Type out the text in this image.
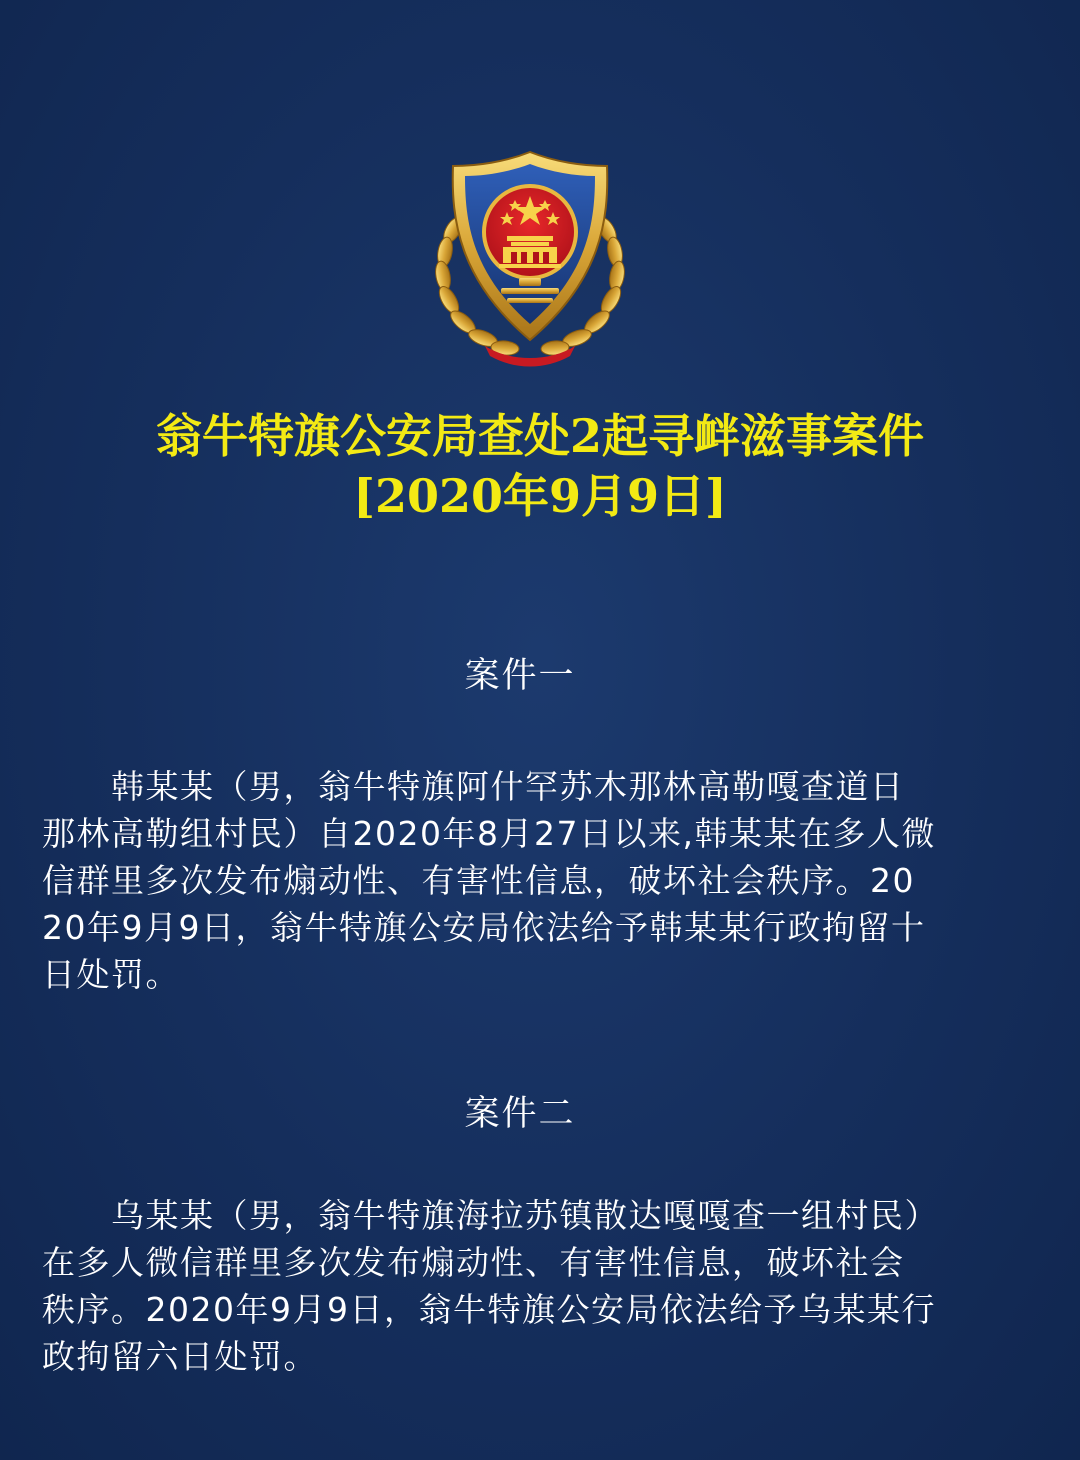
翁牛特旗公安局查处2起寻衅滋事案件
[2020年9月9日]
案件一
　　韩某某（男，翁牛特旗阿什罕苏木那林高勒嘎查道日
那林高勒组村民）自2020年8月27日以来,韩某某在多人微
信群里多次发布煽动性、有害性信息，破坏社会秩序。20
20年9月9日，翁牛特旗公安局依法给予韩某某行政拘留十
日处罚。
案件二
　　乌某某（男，翁牛特旗海拉苏镇散达嘎嘎查一组村民）
在多人微信群里多次发布煽动性、有害性信息，破坏社会
秩序。2020年9月9日，翁牛特旗公安局依法给予乌某某行
政拘留六日处罚。
